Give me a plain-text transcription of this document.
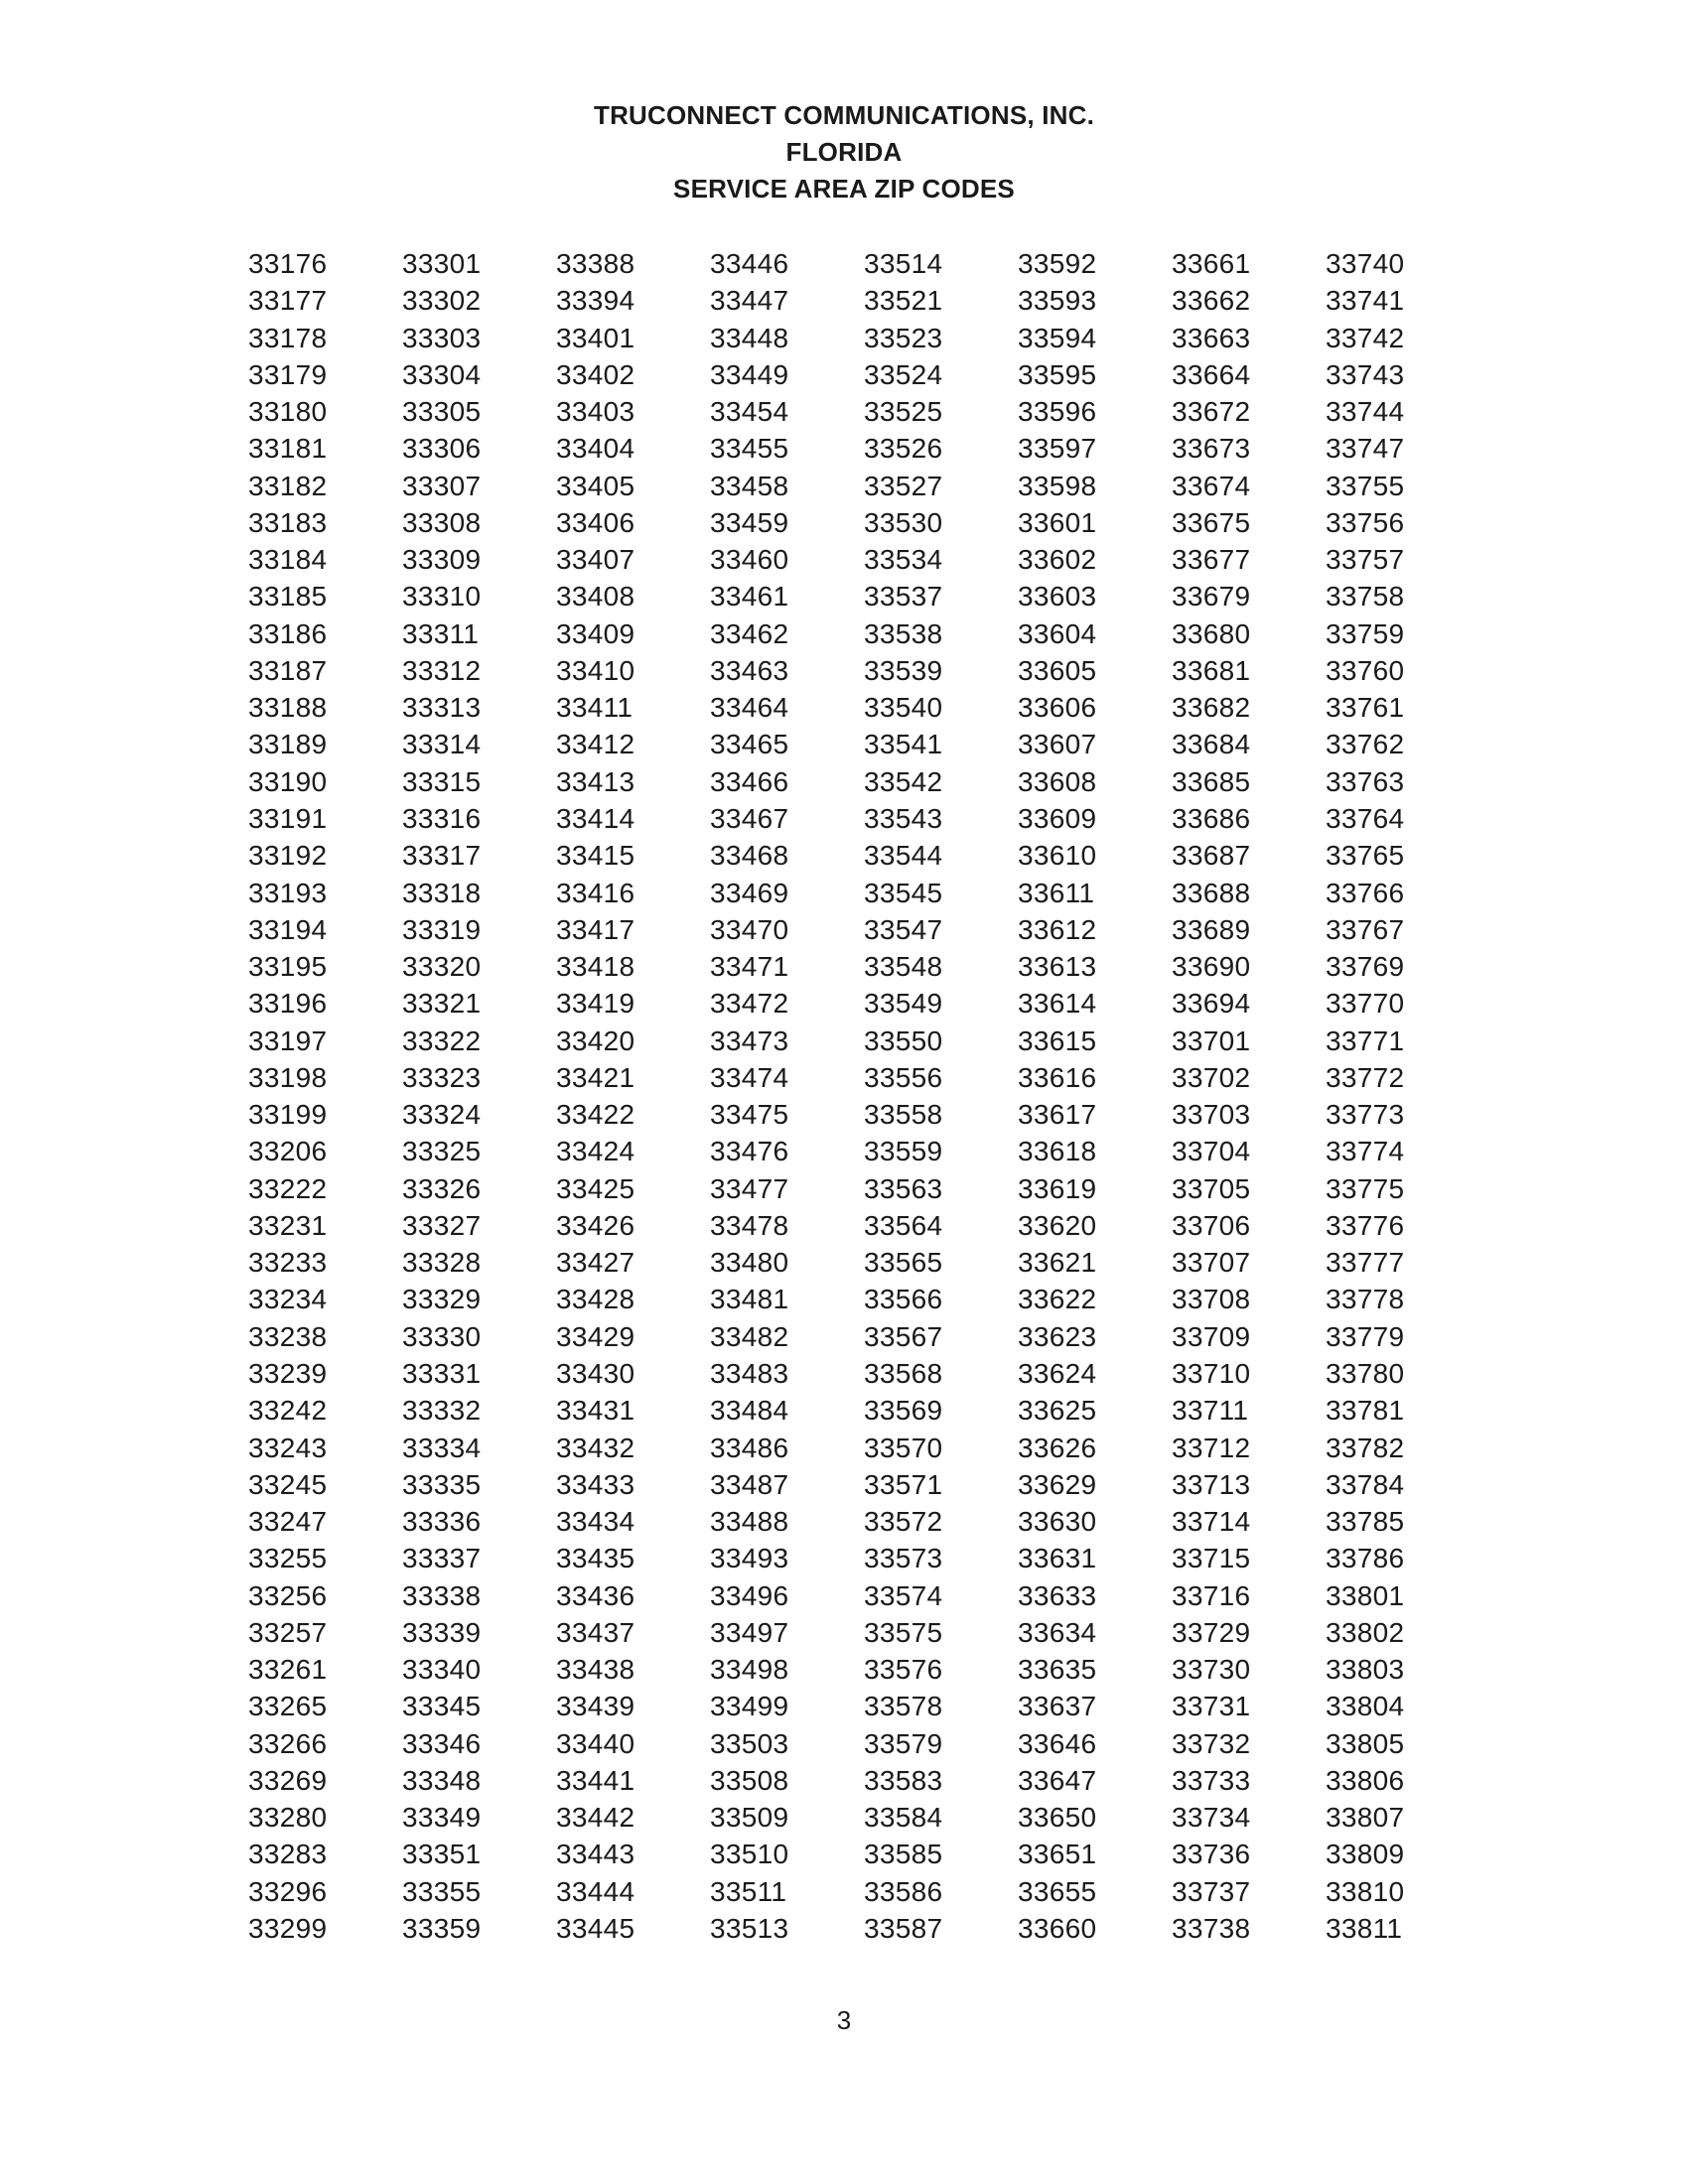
TRUCONNECT COMMUNICATIONS, INC.
FLORIDA
SERVICE AREA ZIP CODES
33176
33177
33178
33179
33180
33181
33182
33183
33184
33185
33186
33187
33188
33189
33190
33191
33192
33193
33194
33195
33196
33197
33198
33199
33206
33222
33231
33233
33234
33238
33239
33242
33243
33245
33247
33255
33256
33257
33261
33265
33266
33269
33280
33283
33296
33299
33301
33302
33303
33304
33305
33306
33307
33308
33309
33310
33311
33312
33313
33314
33315
33316
33317
33318
33319
33320
33321
33322
33323
33324
33325
33326
33327
33328
33329
33330
33331
33332
33334
33335
33336
33337
33338
33339
33340
33345
33346
33348
33349
33351
33355
33359
33388
33394
33401
33402
33403
33404
33405
33406
33407
33408
33409
33410
33411
33412
33413
33414
33415
33416
33417
33418
33419
33420
33421
33422
33424
33425
33426
33427
33428
33429
33430
33431
33432
33433
33434
33435
33436
33437
33438
33439
33440
33441
33442
33443
33444
33445
33446
33447
33448
33449
33454
33455
33458
33459
33460
33461
33462
33463
33464
33465
33466
33467
33468
33469
33470
33471
33472
33473
33474
33475
33476
33477
33478
33480
33481
33482
33483
33484
33486
33487
33488
33493
33496
33497
33498
33499
33503
33508
33509
33510
33511
33513
33514
33521
33523
33524
33525
33526
33527
33530
33534
33537
33538
33539
33540
33541
33542
33543
33544
33545
33547
33548
33549
33550
33556
33558
33559
33563
33564
33565
33566
33567
33568
33569
33570
33571
33572
33573
33574
33575
33576
33578
33579
33583
33584
33585
33586
33587
33592
33593
33594
33595
33596
33597
33598
33601
33602
33603
33604
33605
33606
33607
33608
33609
33610
33611
33612
33613
33614
33615
33616
33617
33618
33619
33620
33621
33622
33623
33624
33625
33626
33629
33630
33631
33633
33634
33635
33637
33646
33647
33650
33651
33655
33660
33661
33662
33663
33664
33672
33673
33674
33675
33677
33679
33680
33681
33682
33684
33685
33686
33687
33688
33689
33690
33694
33701
33702
33703
33704
33705
33706
33707
33708
33709
33710
33711
33712
33713
33714
33715
33716
33729
33730
33731
33732
33733
33734
33736
33737
33738
33740
33741
33742
33743
33744
33747
33755
33756
33757
33758
33759
33760
33761
33762
33763
33764
33765
33766
33767
33769
33770
33771
33772
33773
33774
33775
33776
33777
33778
33779
33780
33781
33782
33784
33785
33786
33801
33802
33803
33804
33805
33806
33807
33809
33810
33811
3
